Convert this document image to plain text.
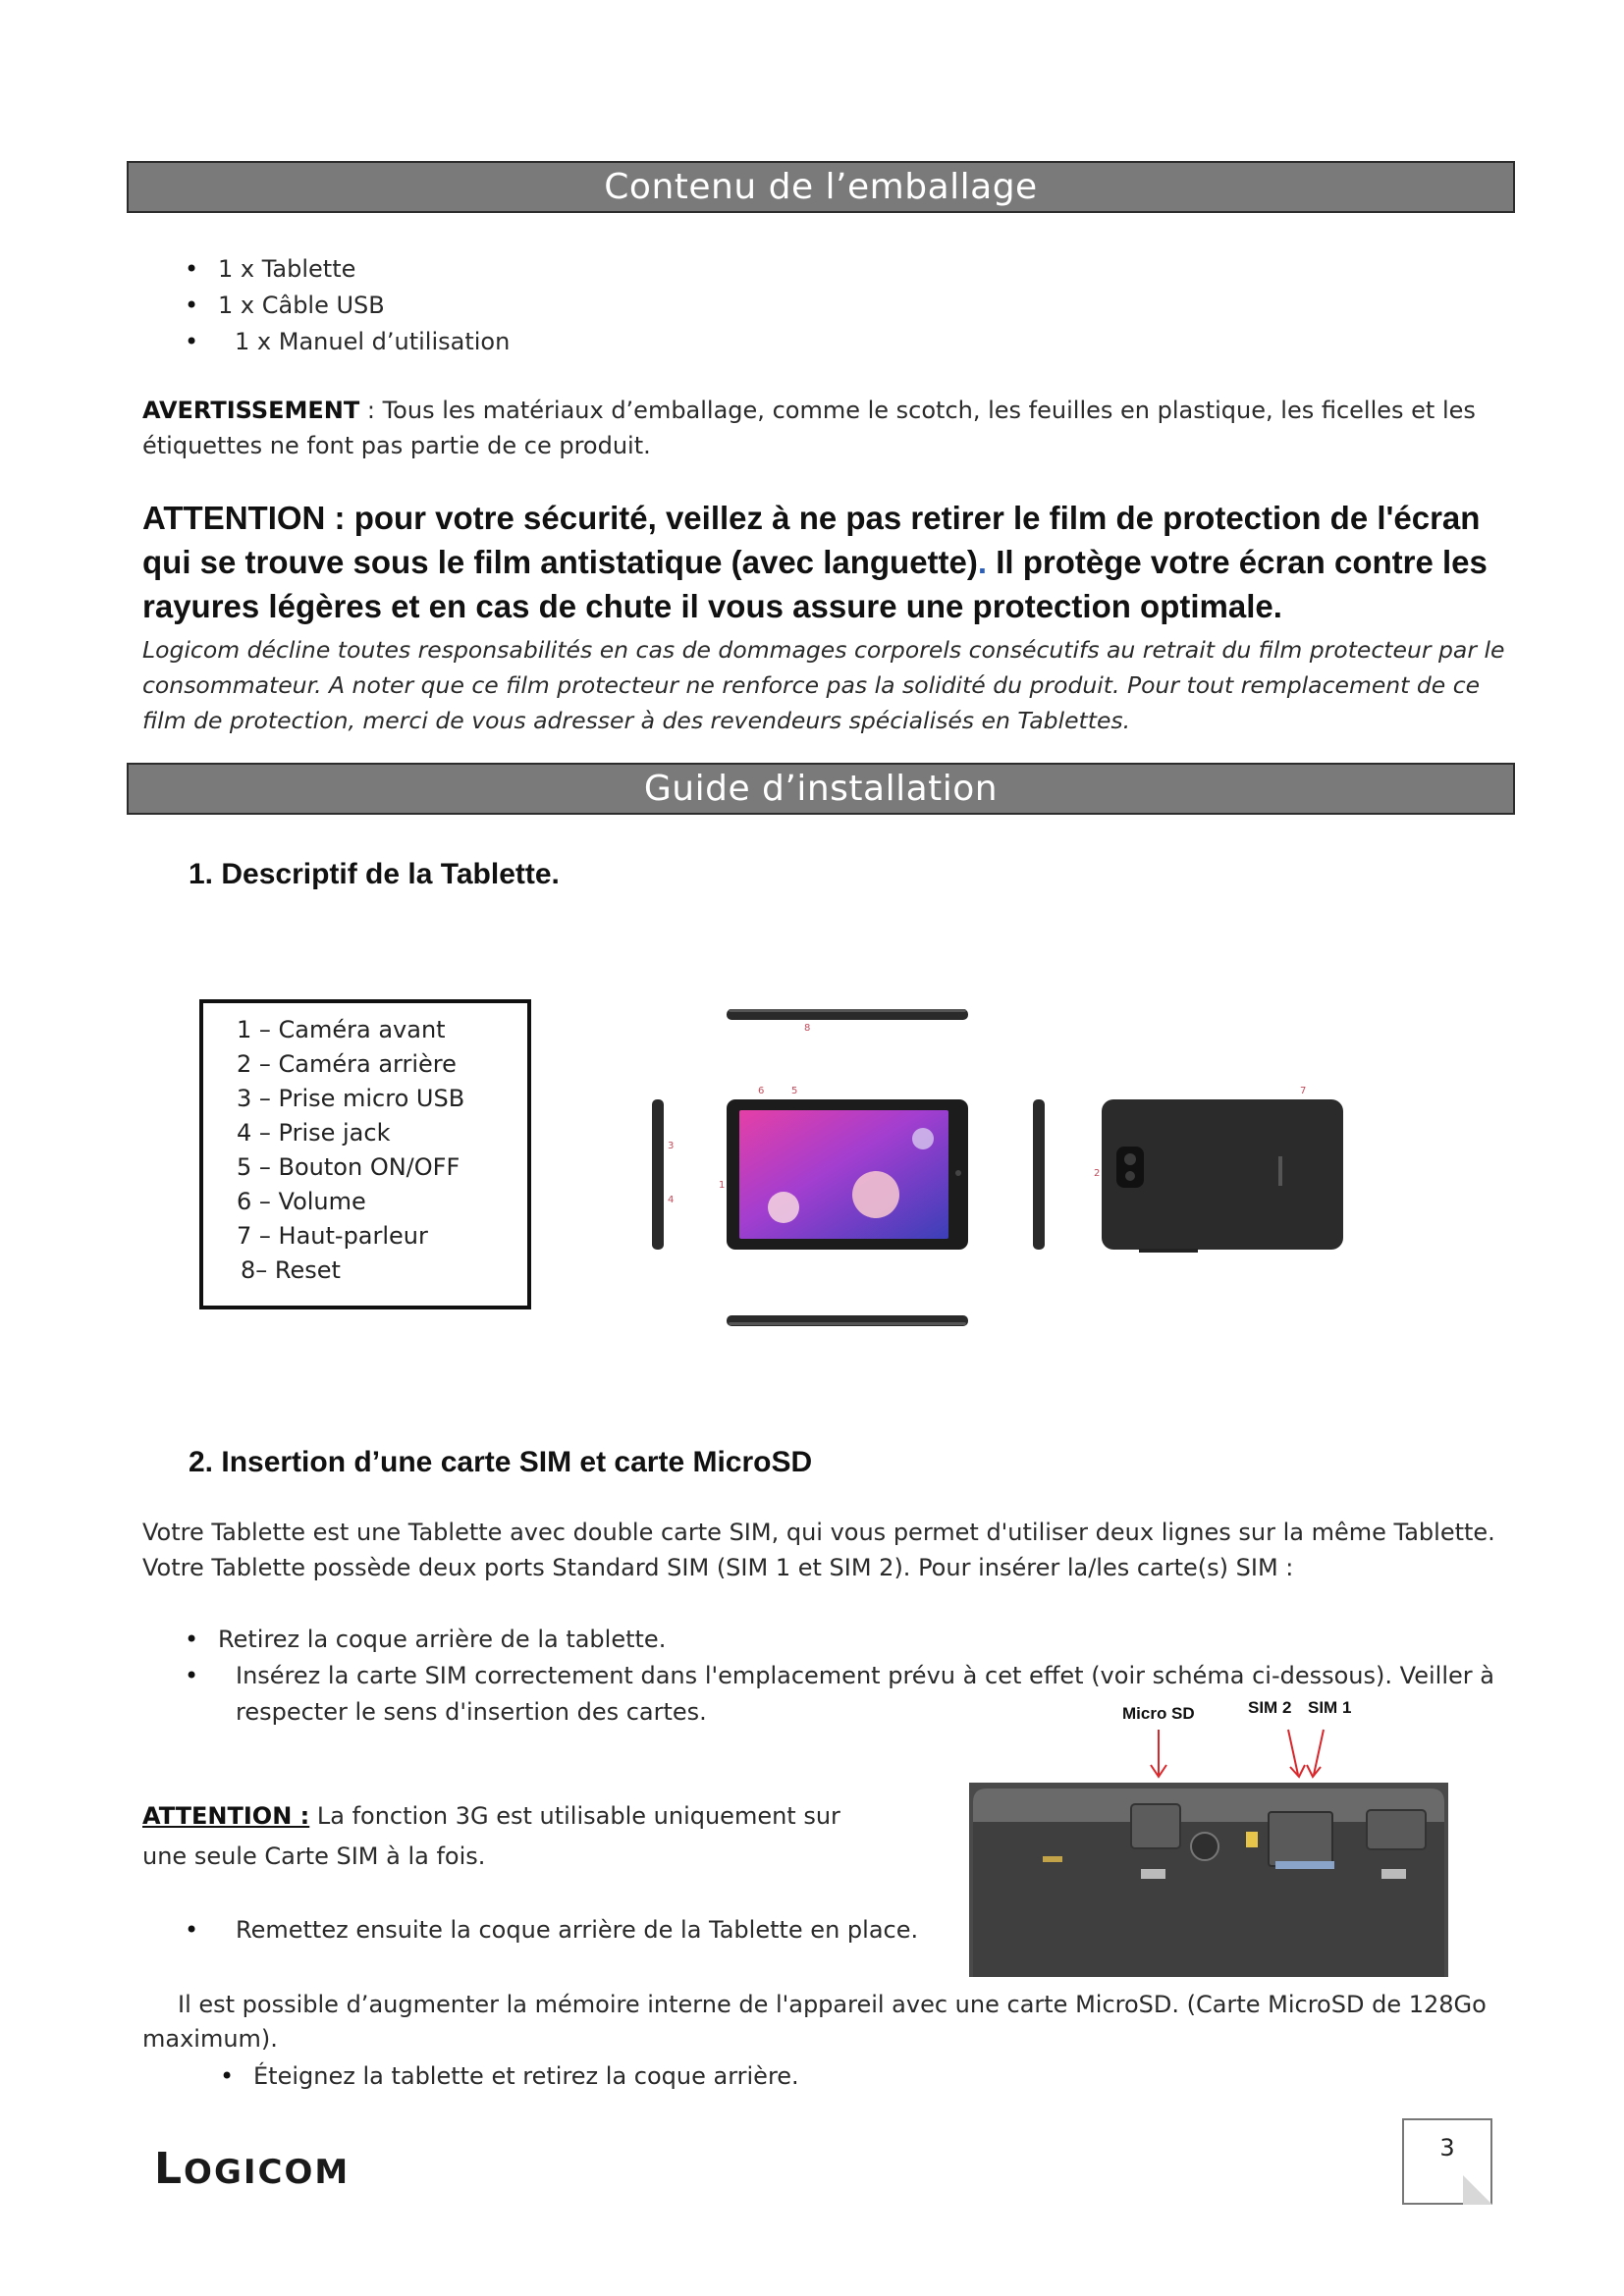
Contenu de l’emballage
• 1 x Tablette
• 1 x Câble USB
• 1 x Manuel d’utilisation

AVERTISSEMENT : Tous les matériaux d’emballage, comme le scotch, les feuilles en plastique, les ficelles et les étiquettes ne font pas partie de ce produit.

ATTENTION : pour votre sécurité, veillez à ne pas retirer le film de protection de l'écran qui se trouve sous le film antistatique (avec languette). Il protège votre écran contre les rayures légères et en cas de chute il vous assure une protection optimale.

Logicom décline toutes responsabilités en cas de dommages corporels consécutifs au retrait du film protecteur par le consommateur. A noter que ce film protecteur ne renforce pas la solidité du produit. Pour tout remplacement de ce film de protection, merci de vous adresser à des revendeurs spécialisés en Tablettes.

Guide d’installation
1. Descriptif de la Tablette.
1 – Caméra avant
2 – Caméra arrière
3 – Prise micro USB
4 – Prise jack
5 – Bouton ON/OFF
6 – Volume
7 – Haut-parleur
8– Reset
8
6	5
3
4
1
2
7
2. Insertion d’une carte SIM et carte MicroSD

Votre Tablette est une Tablette avec double carte SIM, qui vous permet d'utiliser deux lignes sur la même Tablette. Votre Tablette possède deux ports Standard SIM (SIM 1 et SIM 2). Pour insérer la/les carte(s) SIM :

• Retirez la coque arrière de la tablette.
• Insérez la carte SIM correctement dans l'emplacement prévu à cet effet (voir schéma ci-dessous). Veiller à respecter le sens d'insertion des cartes.	Micro SD	SIM 2 SIM 1

ATTENTION : La fonction 3G est utilisable uniquement sur une seule Carte SIM à la fois.

• Remettez ensuite la coque arrière de la Tablette en place.

Il est possible d’augmenter la mémoire interne de l'appareil avec une carte MicroSD. (Carte MicroSD de 128Go maximum).

• Éteignez la tablette et retirez la coque arrière.
LOGICOM
3
